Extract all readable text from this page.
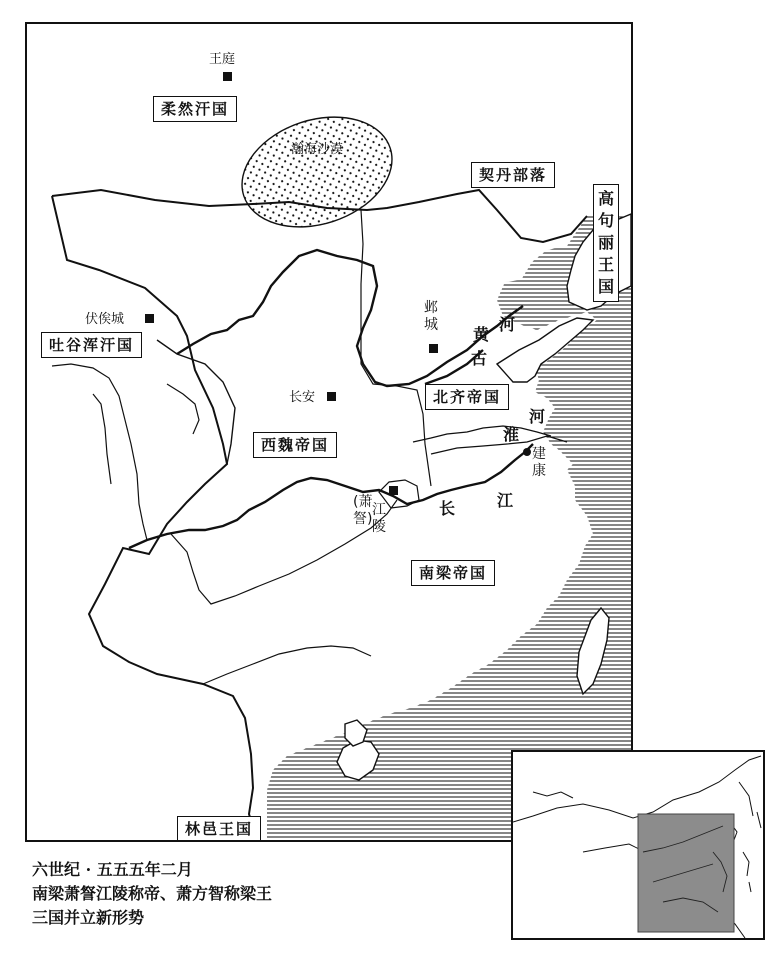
王庭
柔然汗国
瀚海沙漠
契丹部落
高句丽王国
伏俟城
吐谷浑汗国
邺城
北齐帝国
长安
西魏帝国
江陵
(萧詧)
建康
南梁帝国
林邑王国
黄
河
古
淮
河
长	江
六世纪 · 五五五年二月
南梁萧詧江陵称帝、萧方智称梁王
三国并立新形势
